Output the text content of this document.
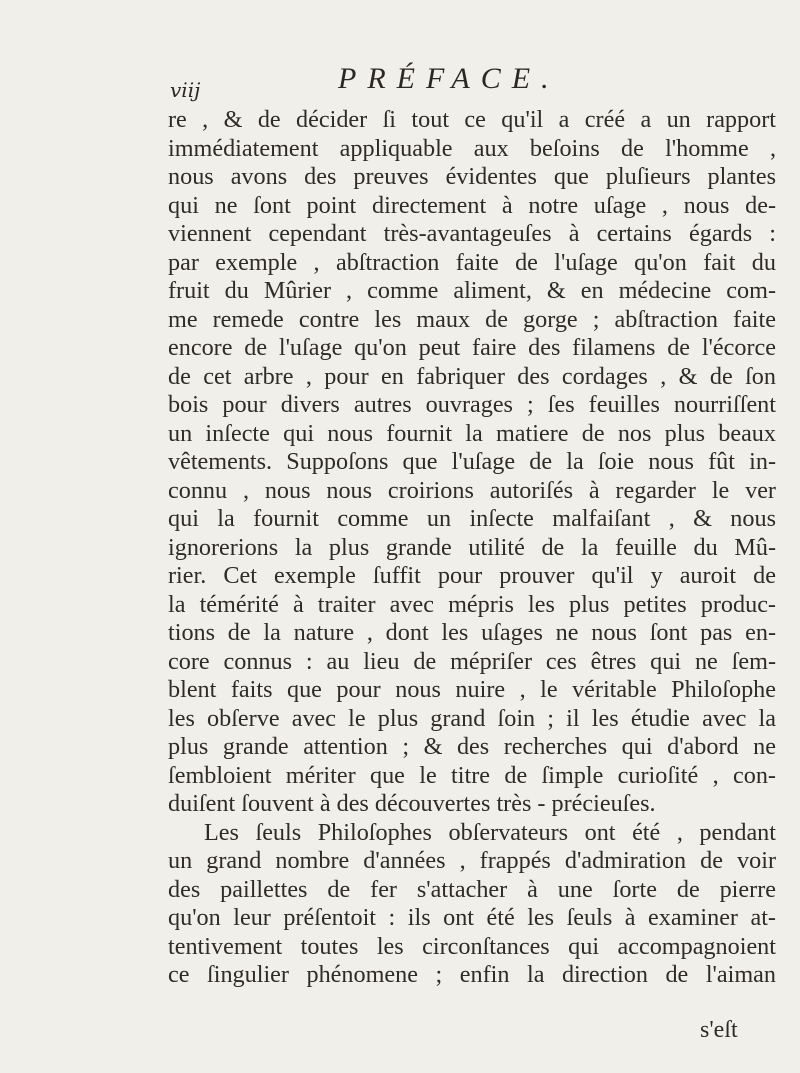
viij	PRÉFACE.
re , & de décider ſi tout ce qu'il a créé a un rapport
immédiatement appliquable aux beſoins de l'homme ,
nous avons des preuves évidentes que pluſieurs plantes
qui ne ſont point directement à notre uſage , nous de-
viennent cependant très-avantageuſes à certains égards :
par exemple , abſtraction faite de l'uſage qu'on fait du
fruit du Mûrier , comme aliment, & en médecine com-
me remede contre les maux de gorge ; abſtraction faite
encore de l'uſage qu'on peut faire des filamens de l'écorce
de cet arbre , pour en fabriquer des cordages , & de ſon
bois pour divers autres ouvrages ; ſes feuilles nourriſſent
un inſecte qui nous fournit la matiere de nos plus beaux
vêtements. Suppoſons que l'uſage de la ſoie nous fût in-
connu , nous nous croirions autoriſés à regarder le ver
qui la fournit comme un inſecte malfaiſant , & nous
ignorerions la plus grande utilité de la feuille du Mû-
rier. Cet exemple ſuffit pour prouver qu'il y auroit de
la témérité à traiter avec mépris les plus petites produc-
tions de la nature , dont les uſages ne nous ſont pas en-
core connus : au lieu de mépriſer ces êtres qui ne ſem-
blent faits que pour nous nuire , le véritable Philoſophe
les obſerve avec le plus grand ſoin ; il les étudie avec la
plus grande attention ; & des recherches qui d'abord ne
ſembloient mériter que le titre de ſimple curioſité , con-
duiſent ſouvent à des découvertes très - précieuſes.
Les ſeuls Philoſophes obſervateurs ont été , pendant
un grand nombre d'années , frappés d'admiration de voir
des paillettes de fer s'attacher à une ſorte de pierre
qu'on leur préſentoit : ils ont été les ſeuls à examiner at-
tentivement toutes les circonſtances qui accompagnoient
ce ſingulier phénomene ; enfin la direction de l'aiman
s'eſt
